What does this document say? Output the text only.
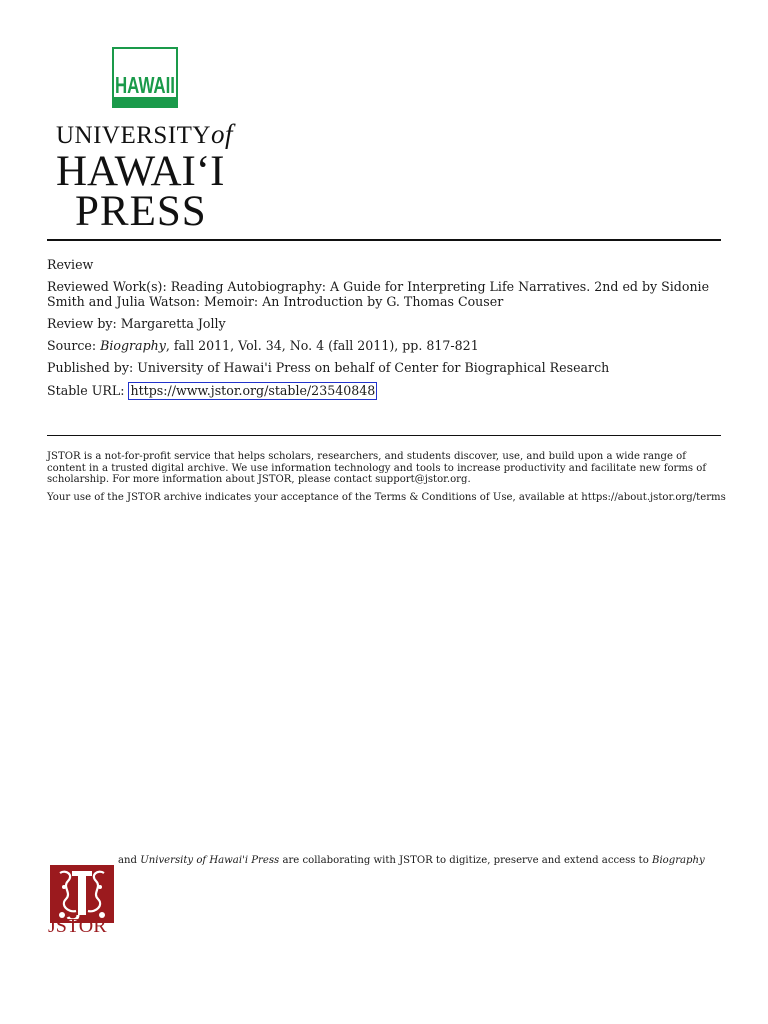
HAWAII
UNIVERSITYof
HAWAI‘I
PRESS

Review

Reviewed Work(s): Reading Autobiography: A Guide for Interpreting Life Narratives. 2nd ed by Sidonie Smith and Julia Watson: Memoir: An Introduction by G. Thomas Couser

Review by: Margaretta Jolly

Source: Biography, fall 2011, Vol. 34, No. 4 (fall 2011), pp. 817-821

Published by: University of Hawai'i Press on behalf of Center for Biographical Research

Stable URL: https://www.jstor.org/stable/23540848

JSTOR is a not-for-profit service that helps scholars, researchers, and students discover, use, and build upon a wide range of content in a trusted digital archive. We use information technology and tools to increase productivity and facilitate new forms of scholarship. For more information about JSTOR, please contact support@jstor.org.

Your use of the JSTOR archive indicates your acceptance of the Terms & Conditions of Use, available at https://about.jstor.org/terms

JSTOR
and University of Hawai'i Press are collaborating with JSTOR to digitize, preserve and extend access to Biography
